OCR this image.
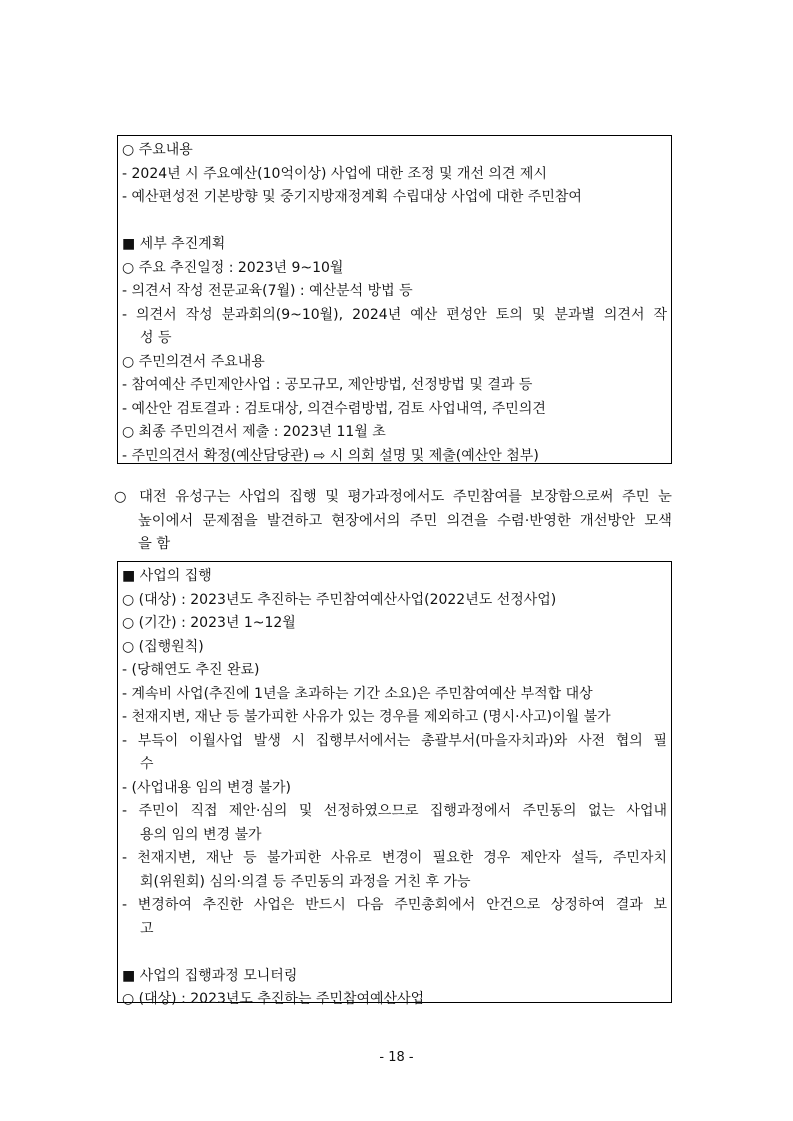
○ 주요내용
- 2024년 시 주요예산(10억이상) 사업에 대한 조정 및 개선 의견 제시
- 예산편성전 기본방향 및 중기지방재정계획 수립대상 사업에 대한 주민참여
■ 세부 추진계획
○ 주요 추진일정 : 2023년 9~10월
- 의견서 작성 전문교육(7월) : 예산분석 방법 등
- 의견서 작성 분과회의(9~10월), 2024년 예산 편성안 토의 및 분과별 의견서 작
성 등
○ 주민의견서 주요내용
- 참여예산 주민제안사업 : 공모규모, 제안방법, 선정방법 및 결과 등
- 예산안 검토결과 : 검토대상, 의견수렴방법, 검토 사업내역, 주민의견
○ 최종 주민의견서 제출 : 2023년 11월 초
- 주민의견서 확정(예산담당관) ⇨ 시 의회 설명 및 제출(예산안 첨부)
○ 대전 유성구는 사업의 집행 및 평가과정에서도 주민참여를 보장함으로써 주민 눈
높이에서 문제점을 발견하고 현장에서의 주민 의견을 수렴·반영한 개선방안 모색
을 함
■ 사업의 집행
○ (대상) : 2023년도 추진하는 주민참여예산사업(2022년도 선정사업)
○ (기간) : 2023년 1~12월
○ (집행원칙)
- (당해연도 추진 완료)
- 계속비 사업(추진에 1년을 초과하는 기간 소요)은 주민참여예산 부적합 대상
- 천재지변, 재난 등 불가피한 사유가 있는 경우를 제외하고 (명시·사고)이월 불가
- 부득이 이월사업 발생 시 집행부서에서는 총괄부서(마을자치과)와 사전 협의 필
수
- (사업내용 임의 변경 불가)
- 주민이 직접 제안·심의 및 선정하였으므로 집행과정에서 주민동의 없는 사업내
용의 임의 변경 불가
- 천재지변, 재난 등 불가피한 사유로 변경이 필요한 경우 제안자 설득, 주민자치
회(위원회) 심의·의결 등 주민동의 과정을 거친 후 가능
- 변경하여 추진한 사업은 반드시 다음 주민총회에서 안건으로 상정하여 결과 보
고
■ 사업의 집행과정 모니터링
○ (대상) : 2023년도 추진하는 주민참여예산사업
- 18 -
